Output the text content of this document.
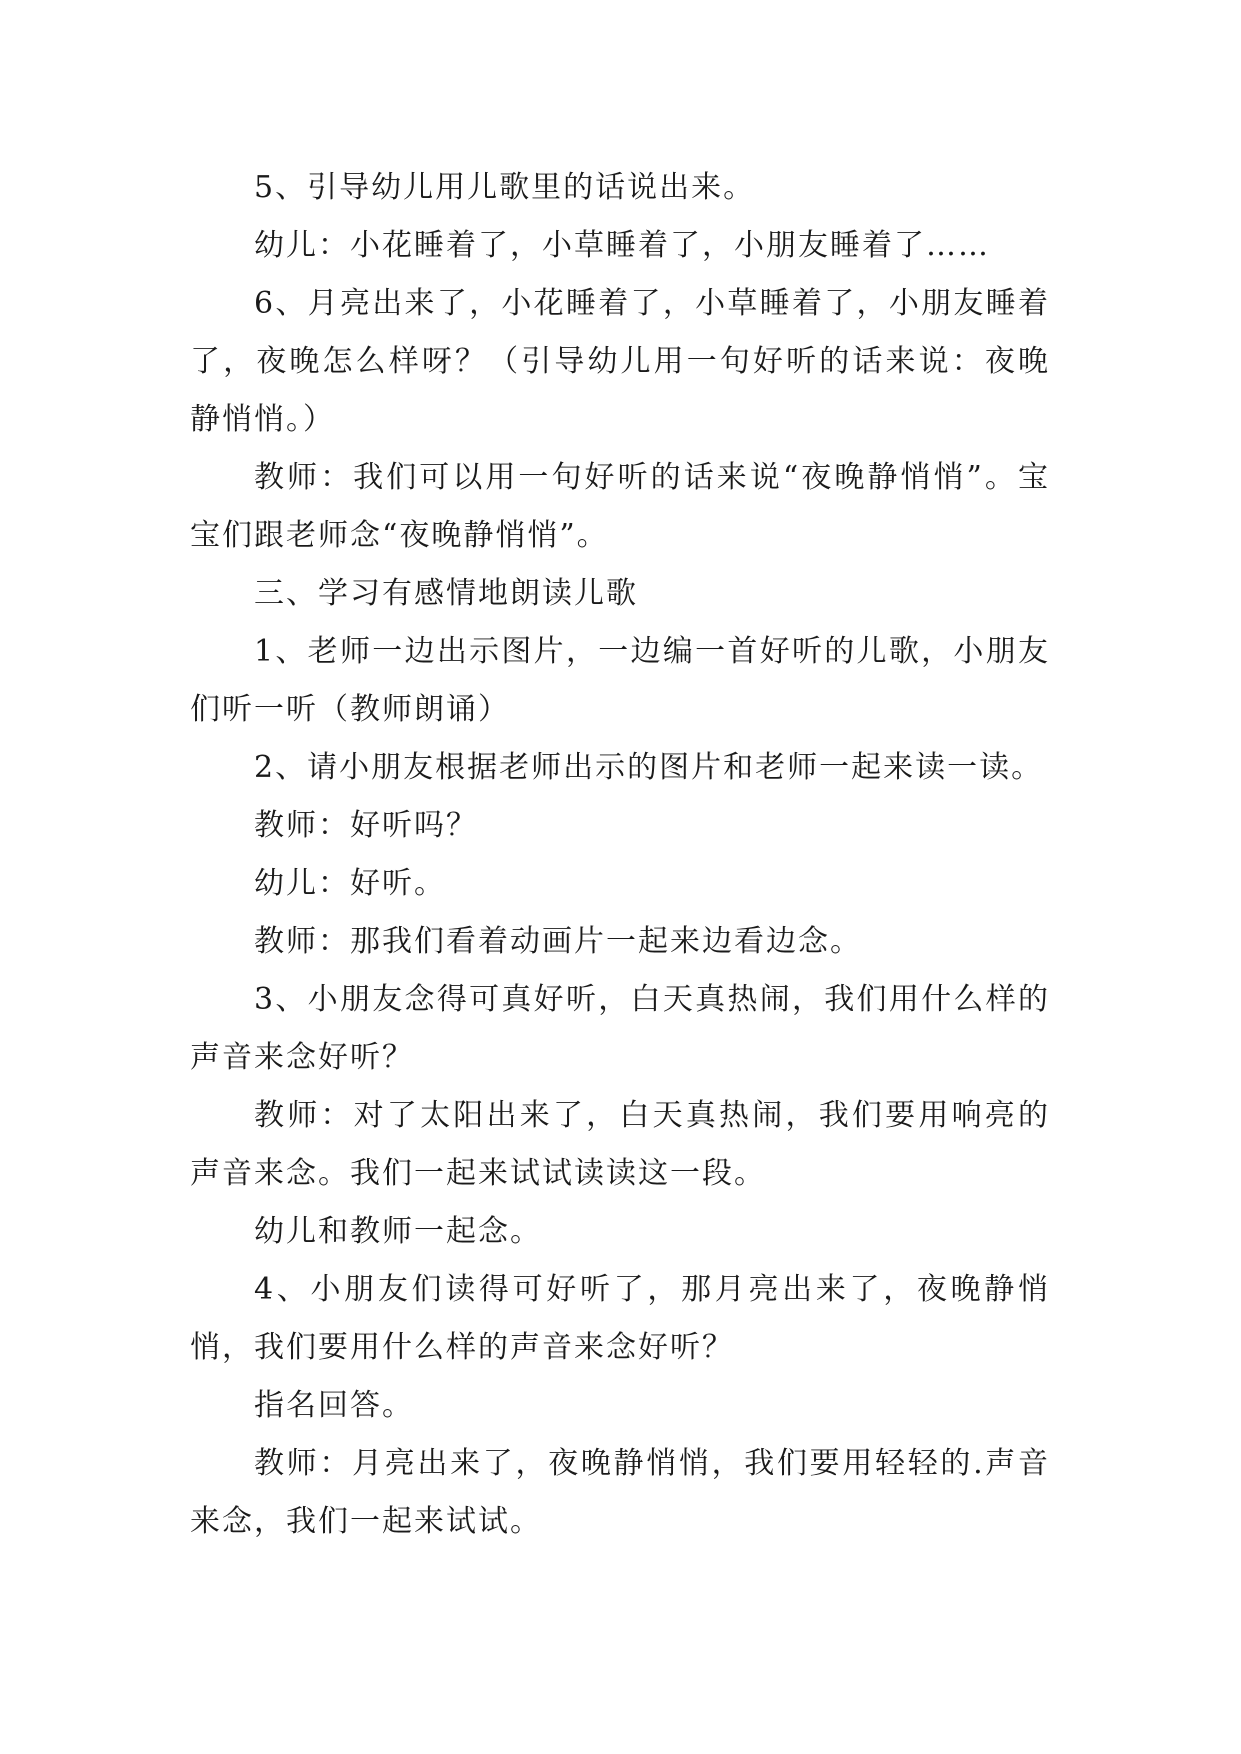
5、引导幼儿用儿歌里的话说出来。

幼儿：小花睡着了，小草睡着了，小朋友睡着了……

6、月亮出来了，小花睡着了，小草睡着了，小朋友睡着了，夜晚怎么样呀？（引导幼儿用一句好听的话来说：夜晚静悄悄。）

教师：我们可以用一句好听的话来说“夜晚静悄悄”。宝宝们跟老师念“夜晚静悄悄”。

三、学习有感情地朗读儿歌

1、老师一边出示图片，一边编一首好听的儿歌，小朋友们听一听（教师朗诵）

2、请小朋友根据老师出示的图片和老师一起来读一读。

教师：好听吗？

幼儿：好听。

教师：那我们看着动画片一起来边看边念。

3、小朋友念得可真好听，白天真热闹，我们用什么样的声音来念好听？

教师：对了太阳出来了，白天真热闹，我们要用响亮的声音来念。我们一起来试试读读这一段。

幼儿和教师一起念。

4、小朋友们读得可好听了，那月亮出来了，夜晚静悄悄，我们要用什么样的声音来念好听？

指名回答。

教师：月亮出来了，夜晚静悄悄，我们要用轻轻的.声音来念，我们一起来试试。
